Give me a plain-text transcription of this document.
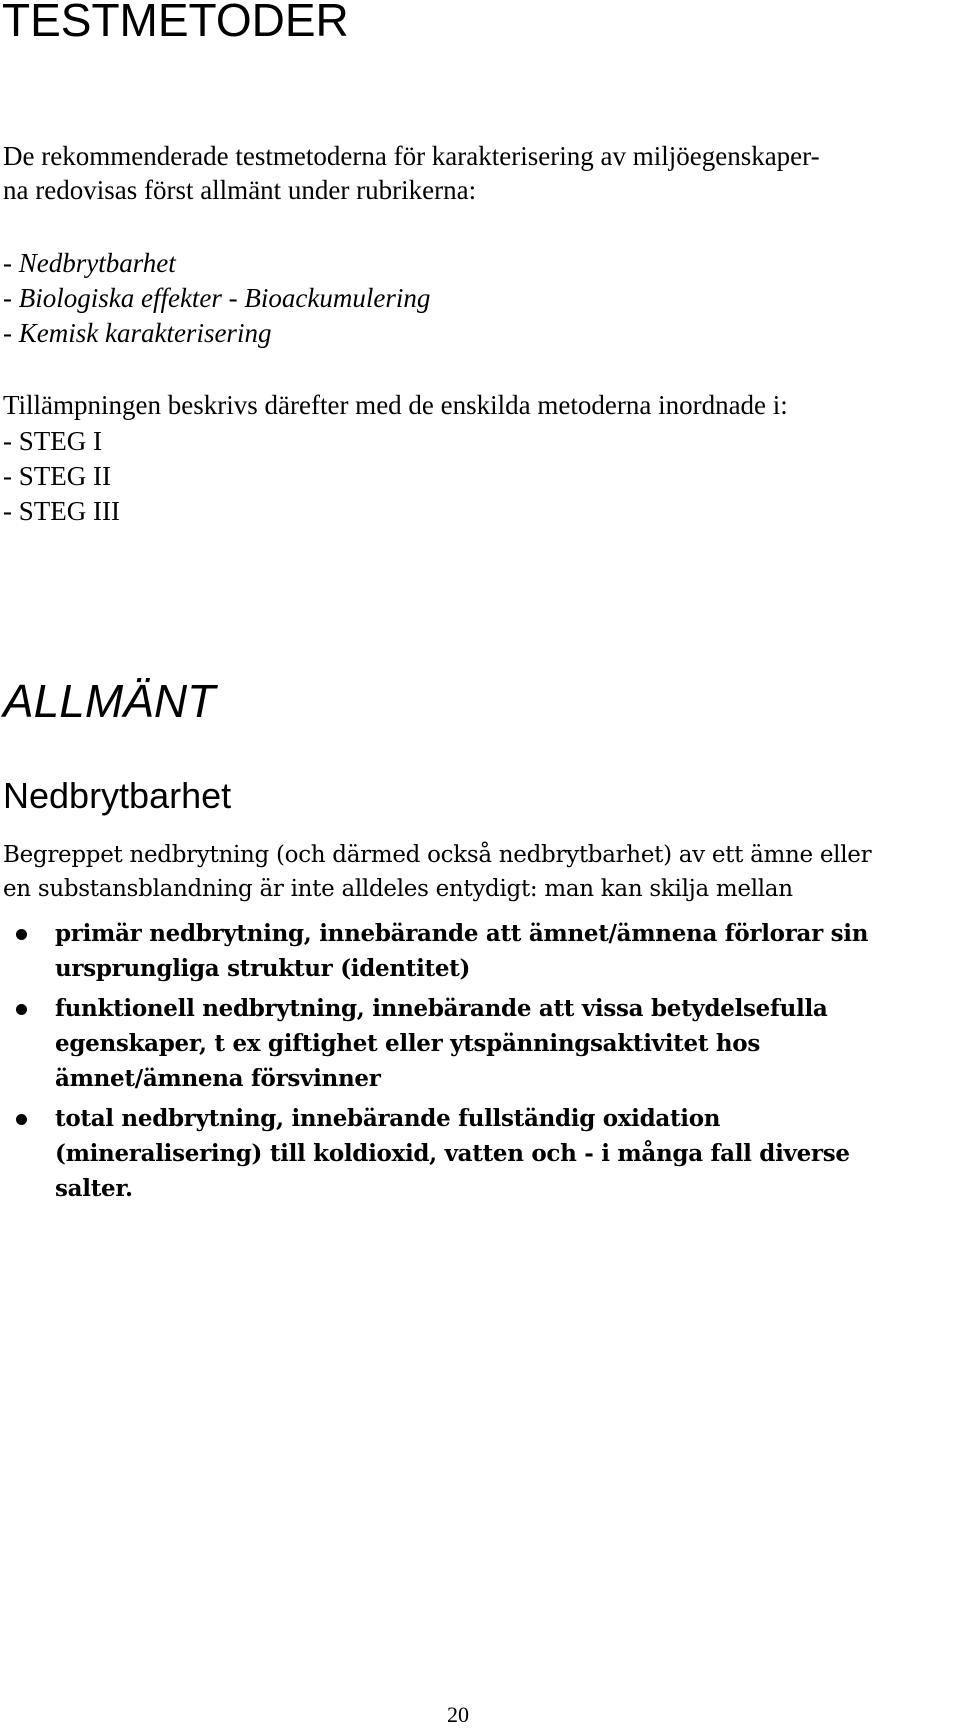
TESTMETODER
De rekommenderade testmetoderna för karakterisering av miljöegenskaper-
na redovisas först allmänt under rubrikerna:
- Nedbrytbarhet
- Biologiska effekter - Bioackumulering
- Kemisk karakterisering
Tillämpningen beskrivs därefter med de enskilda metoderna inordnade i:
- STEG I
- STEG II
- STEG III
ALLMÄNT
Nedbrytbarhet
Begreppet nedbrytning (och därmed också nedbrytbarhet) av ett ämne eller
en substansblandning är inte alldeles entydigt: man kan skilja mellan
primär nedbrytning, innebärande att ämnet/ämnena förlorar sin
ursprungliga struktur (identitet)
funktionell nedbrytning, innebärande att vissa betydelsefulla
egenskaper, t ex giftighet eller ytspänningsaktivitet hos
ämnet/ämnena försvinner
total nedbrytning, innebärande fullständig oxidation
(mineralisering) till koldioxid, vatten och - i många fall diverse
salter.
20
